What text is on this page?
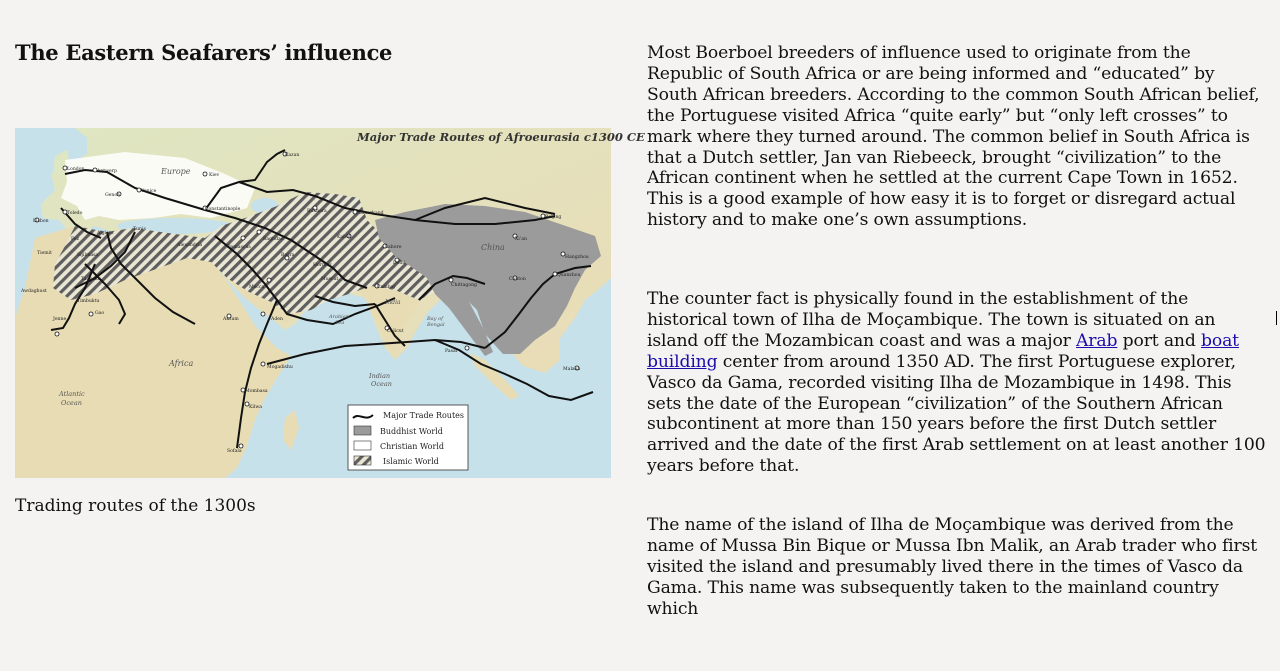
The Eastern Seafarers’ influence
Major Trade Routes of Afroeurasia c1300 CE
Europe
Africa
China
India
Atlantic
Ocean
Indian
Ocean
Arabian
Sea
Bay of
Bengal
London	Antwerp
Kiev
Kazan
Genoa
Venice
Toledo
Lisbon
Fez
Algiers
Tunis
Timbuktu
Jenne
Gao
Sijilmasa
Taghaza
Tiemit
Awdaghust
Constantinople
Alexandria	Damascus
Baghdad
Basra
Mecca
Aden
Aksum
Hormuz
Muscat
Bukhara	Samarkand
Kabul
Lahore
Delhi
Cambay
Calicut
Chittagong
Xi’an
Beijing
Hangzhou
Quanzhou
Canton
Pasai
Malaka
Mogadishu
Mombasa
Kilwa
Sofala
Major Trade Routes
Buddhist World
Christian World
Islamic World

Trading routes of the 1300s

Most Boerboel breeders of influence used to originate from the Republic of South Africa or are being informed and “educated” by South African breeders. According to the common South African belief, the Portuguese visited Africa “quite early” but “only left crosses” to mark where they turned around. The common belief in South Africa is that a Dutch settler, Jan van Riebeeck, brought “civilization” to the African continent when he settled at the current Cape Town in 1652. This is a good example of how easy it is to forget or disregard actual history and to make one’s own assumptions.

The counter fact is physically found in the establishment of the historical town of Ilha de Moçambique. The town is situated on an island off the Mozambican coast and was a major Arab port and boat building center from around 1350 AD. The first Portuguese explorer, Vasco da Gama, recorded visiting Ilha de Mozambique in 1498. This sets the date of the European “civilization” of the Southern African subcontinent at more than 150 years before the first Dutch settler arrived and the date of the first Arab settlement on at least another 100 years before that.

The name of the island of Ilha de Moçambique was derived from the name of Mussa Bin Bique or Mussa Ibn Malik, an Arab trader who first visited the island and presumably lived there in the times of Vasco da Gama. This name was subsequently taken to the mainland country which
